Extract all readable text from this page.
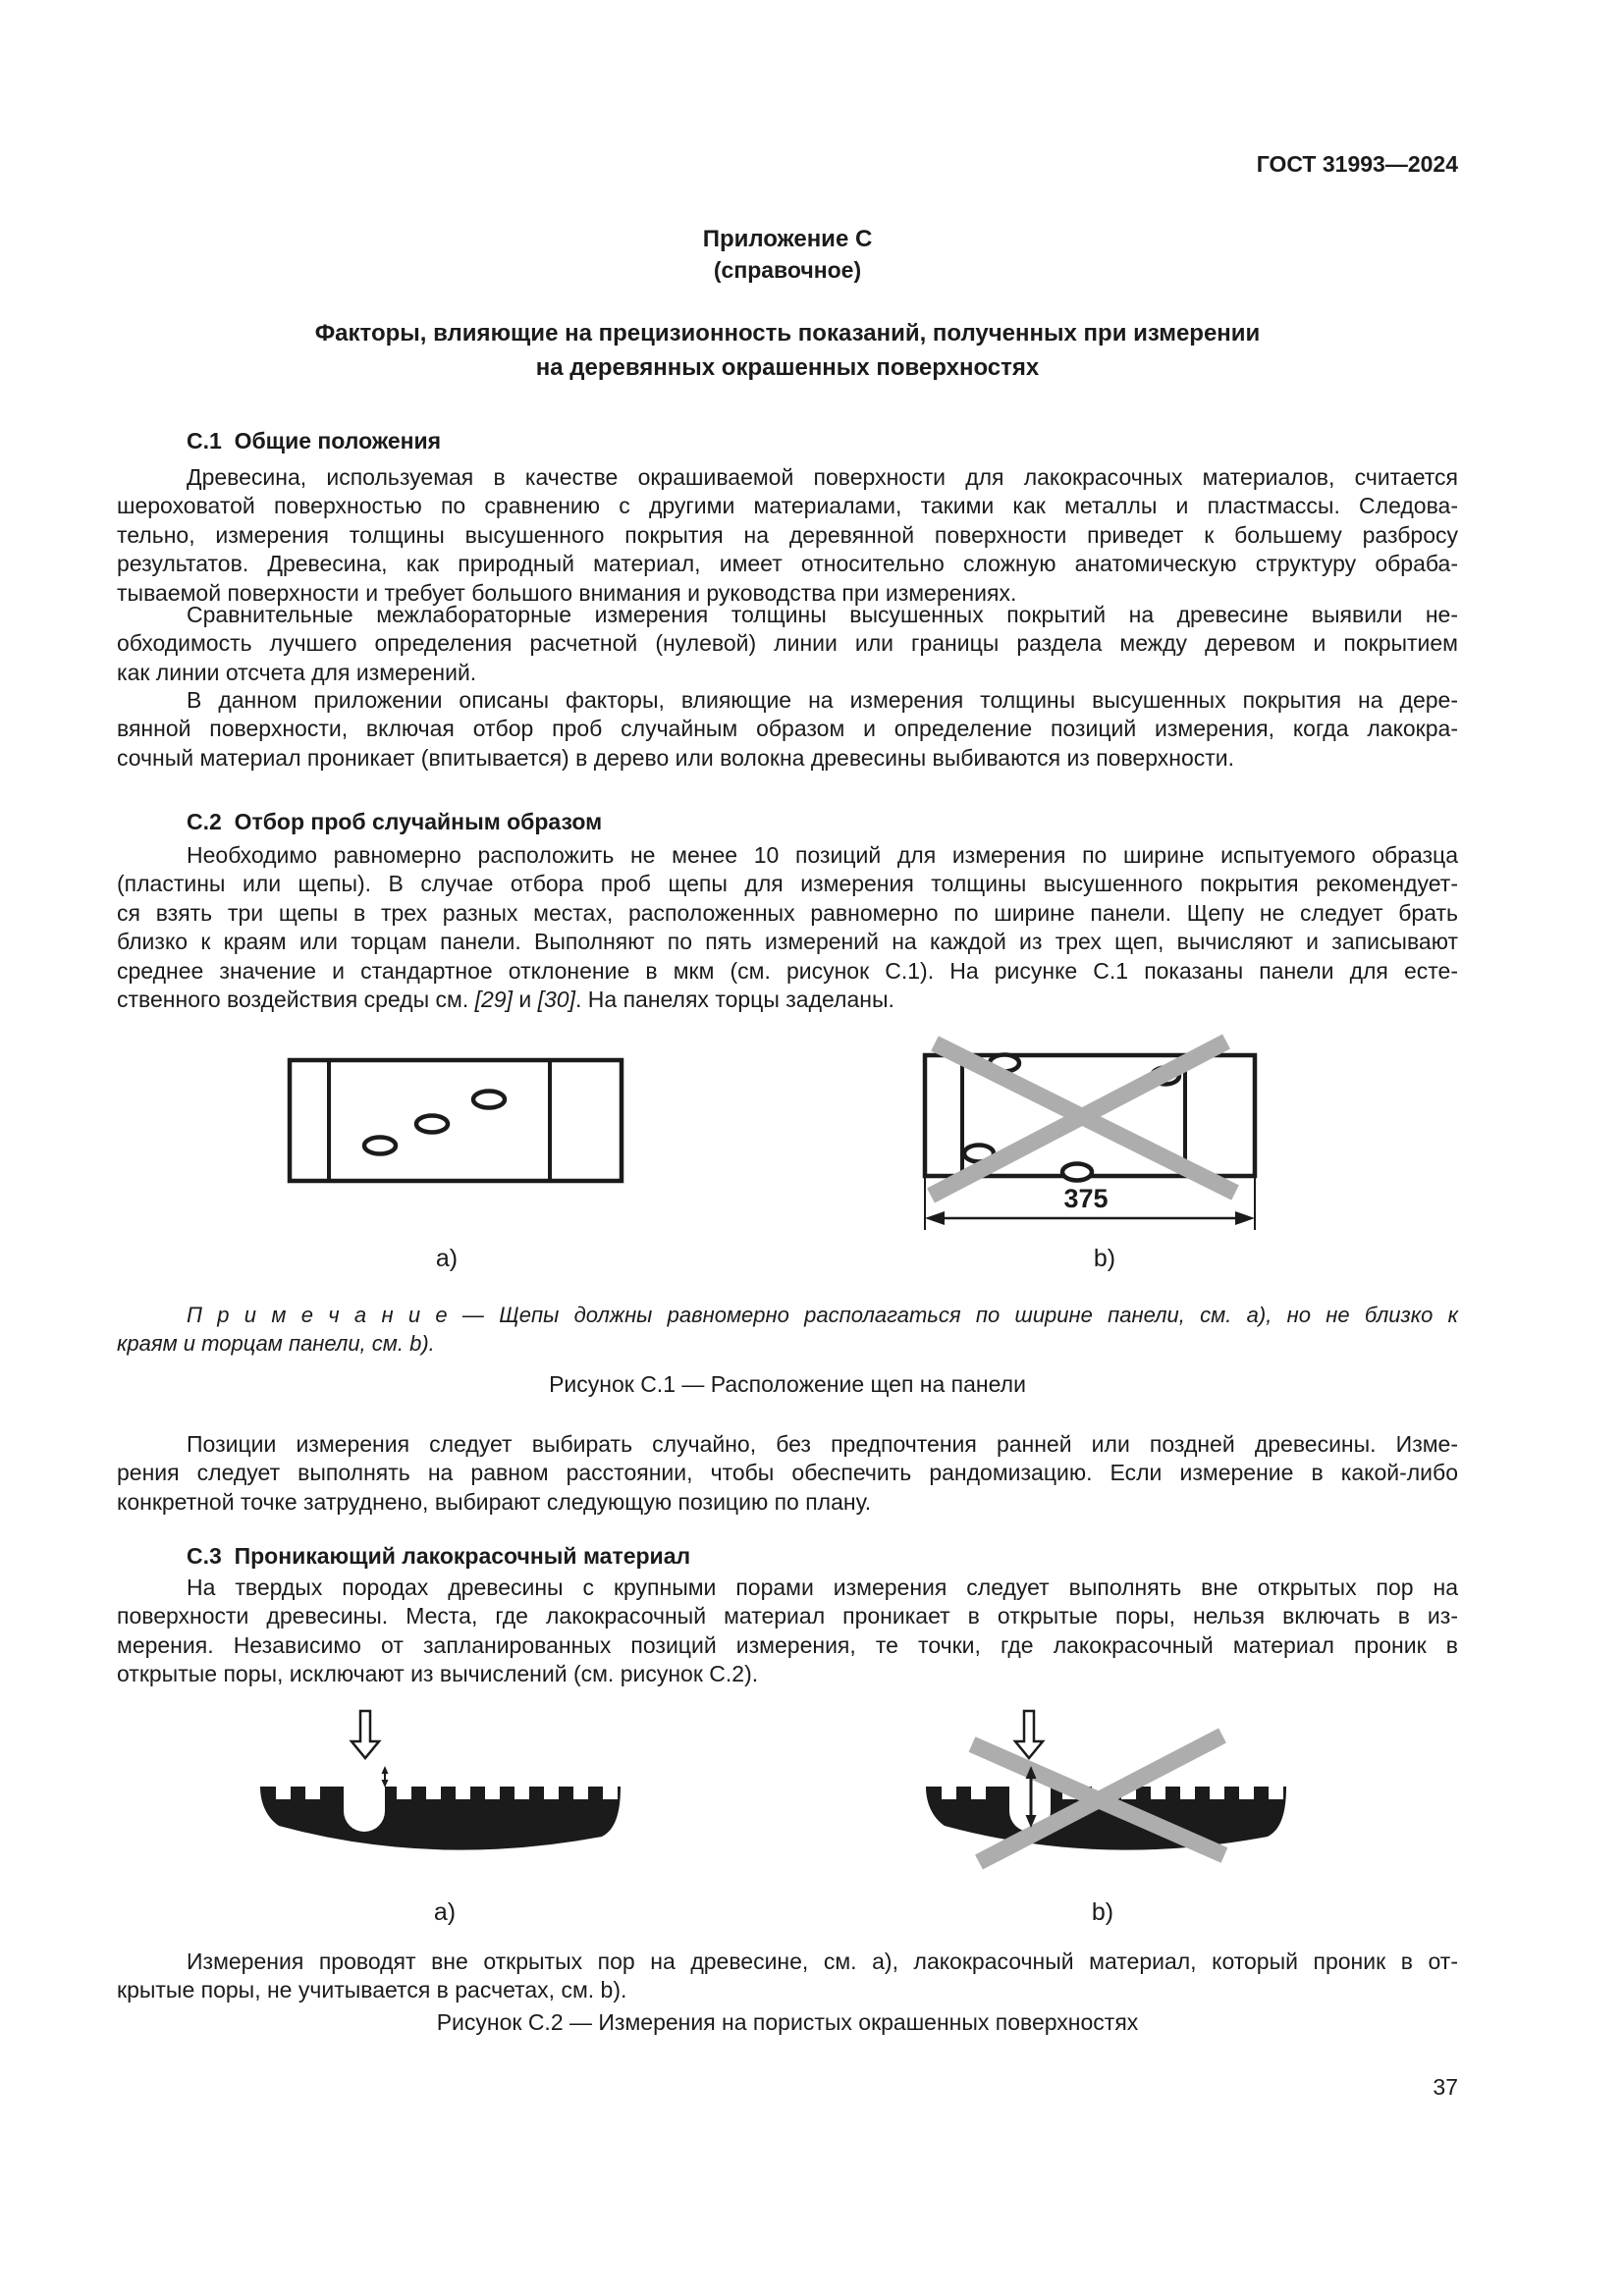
ГОСТ 31993—2024
Приложение С
(справочное)
Факторы, влияющие на прецизионность показаний, полученных при измерении
на деревянных окрашенных поверхностях
С.1  Общие положения
Древесина, используемая в качестве окрашиваемой поверхности для лакокрасочных материалов, считается
шероховатой поверхностью по сравнению с другими материалами, такими как металлы и пластмассы. Следова-
тельно, измерения толщины высушенного покрытия на деревянной поверхности приведет к большему разбросу
результатов. Древесина, как природный материал, имеет относительно сложную анатомическую структуру обраба-
тываемой поверхности и требует большого внимания и руководства при измерениях.
Сравнительные межлабораторные измерения толщины высушенных покрытий на древесине выявили не-
обходимость лучшего определения расчетной (нулевой) линии или границы раздела между деревом и покрытием
как линии отсчета для измерений.
В данном приложении описаны факторы, влияющие на измерения толщины высушенных покрытия на дере-
вянной поверхности, включая отбор проб случайным образом и определение позиций измерения, когда лакокра-
сочный материал проникает (впитывается) в дерево или волокна древесины выбиваются из поверхности.
С.2  Отбор проб случайным образом
Необходимо равномерно расположить не менее 10 позиций для измерения по ширине испытуемого образца
(пластины или щепы). В случае отбора проб щепы для измерения толщины высушенного покрытия рекомендует-
ся взять три щепы в трех разных местах, расположенных равномерно по ширине панели. Щепу не следует брать
близко к краям или торцам панели. Выполняют по пять измерений на каждой из трех щеп, вычисляют и записывают
среднее значение и стандартное отклонение в мкм (см. рисунок С.1). На рисунке С.1 показаны панели для есте-
ственного воздействия среды см. [29] и [30]. На панелях торцы заделаны.
375
a)	b)
П р и м е ч а н и е — Щепы должны равномерно располагаться по ширине панели, см. a), но не близко к
краям и торцам панели, см. b).
Рисунок С.1 — Расположение щеп на панели
Позиции измерения следует выбирать случайно, без предпочтения ранней или поздней древесины. Изме-
рения следует выполнять на равном расстоянии, чтобы обеспечить рандомизацию. Если измерение в какой-либо
конкретной точке затруднено, выбирают следующую позицию по плану.
С.3  Проникающий лакокрасочный материал
На твердых породах древесины с крупными порами измерения следует выполнять вне открытых пор на
поверхности древесины. Места, где лакокрасочный материал проникает в открытые поры, нельзя включать в из-
мерения. Независимо от запланированных позиций измерения, те точки, где лакокрасочный материал проник в
открытые поры, исключают из вычислений (см. рисунок С.2).
a)	b)
Измерения проводят вне открытых пор на древесине, см. a), лакокрасочный материал, который проник в от-
крытые поры, не учитывается в расчетах, см. b).
Рисунок С.2 — Измерения на пористых окрашенных поверхностях
37
